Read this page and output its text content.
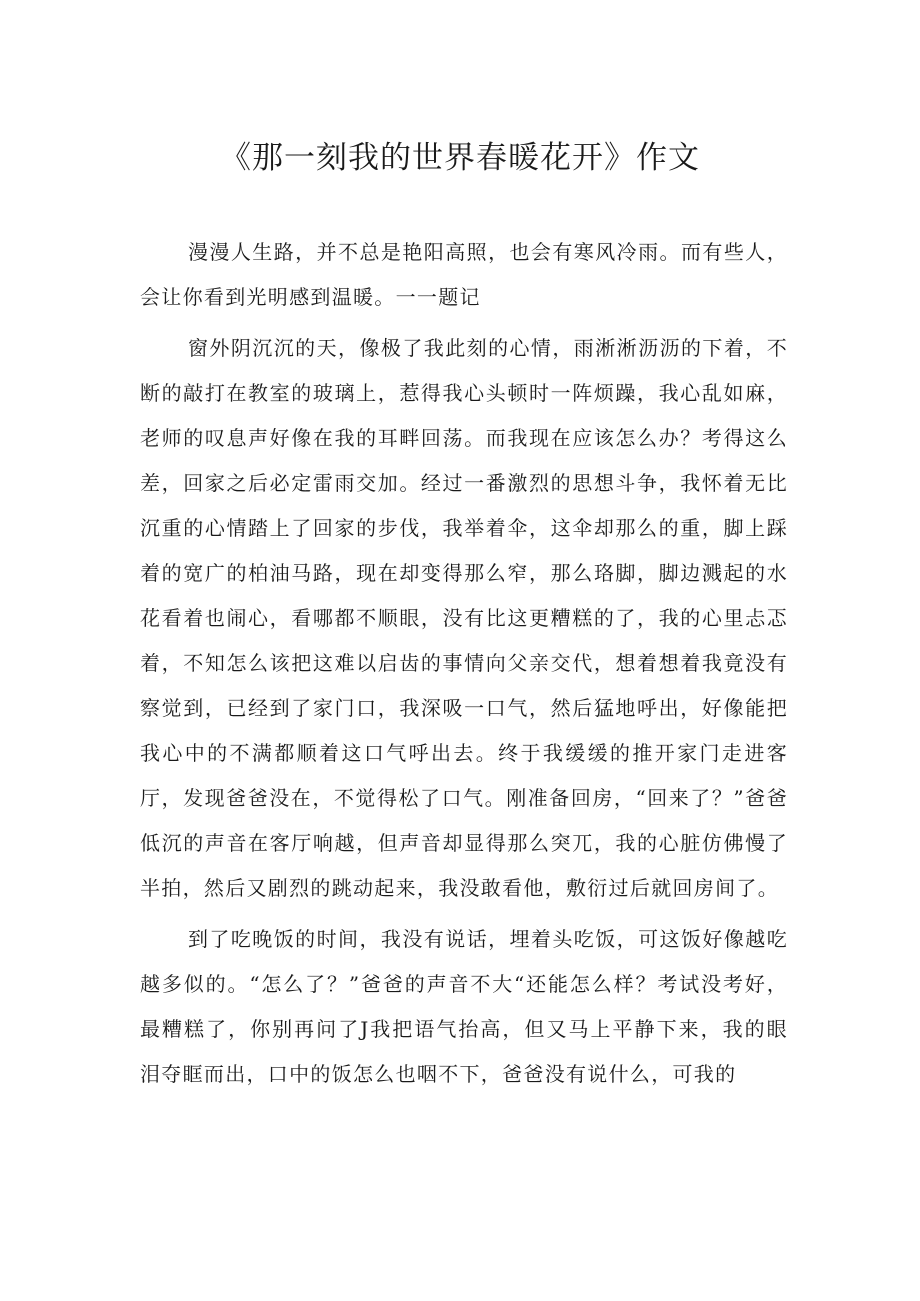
《那一刻我的世界春暖花开》作文

漫漫人生路，并不总是艳阳高照，也会有寒风冷雨。而有些人，会让你看到光明感到温暖。一一题记

窗外阴沉沉的天，像极了我此刻的心情，雨淅淅沥沥的下着，不断的敲打在教室的玻璃上，惹得我心头顿时一阵烦躁，我心乱如麻，老师的叹息声好像在我的耳畔回荡。而我现在应该怎么办？考得这么差，回家之后必定雷雨交加。经过一番激烈的思想斗争，我怀着无比沉重的心情踏上了回家的步伐，我举着伞，这伞却那么的重，脚上踩着的宽广的柏油马路，现在却变得那么窄，那么珞脚，脚边溅起的水花看着也闹心，看哪都不顺眼，没有比这更糟糕的了，我的心里忐忑着，不知怎么该把这难以启齿的事情向父亲交代，想着想着我竟没有察觉到，已经到了家门口，我深吸一口气，然后猛地呼出，好像能把我心中的不满都顺着这口气呼出去。终于我缓缓的推开家门走进客厅，发现爸爸没在，不觉得松了口气。刚准备回房，“回来了？”爸爸低沉的声音在客厅响越，但声音却显得那么突兀，我的心脏仿佛慢了半拍，然后又剧烈的跳动起来，我没敢看他，敷衍过后就回房间了。

到了吃晚饭的时间，我没有说话，埋着头吃饭，可这饭好像越吃越多似的。“怎么了？”爸爸的声音不大“还能怎么样？考试没考好，最糟糕了，你别再问了J我把语气抬高，但又马上平静下来，我的眼泪夺眶而出，口中的饭怎么也咽不下，爸爸没有说什么，可我的
